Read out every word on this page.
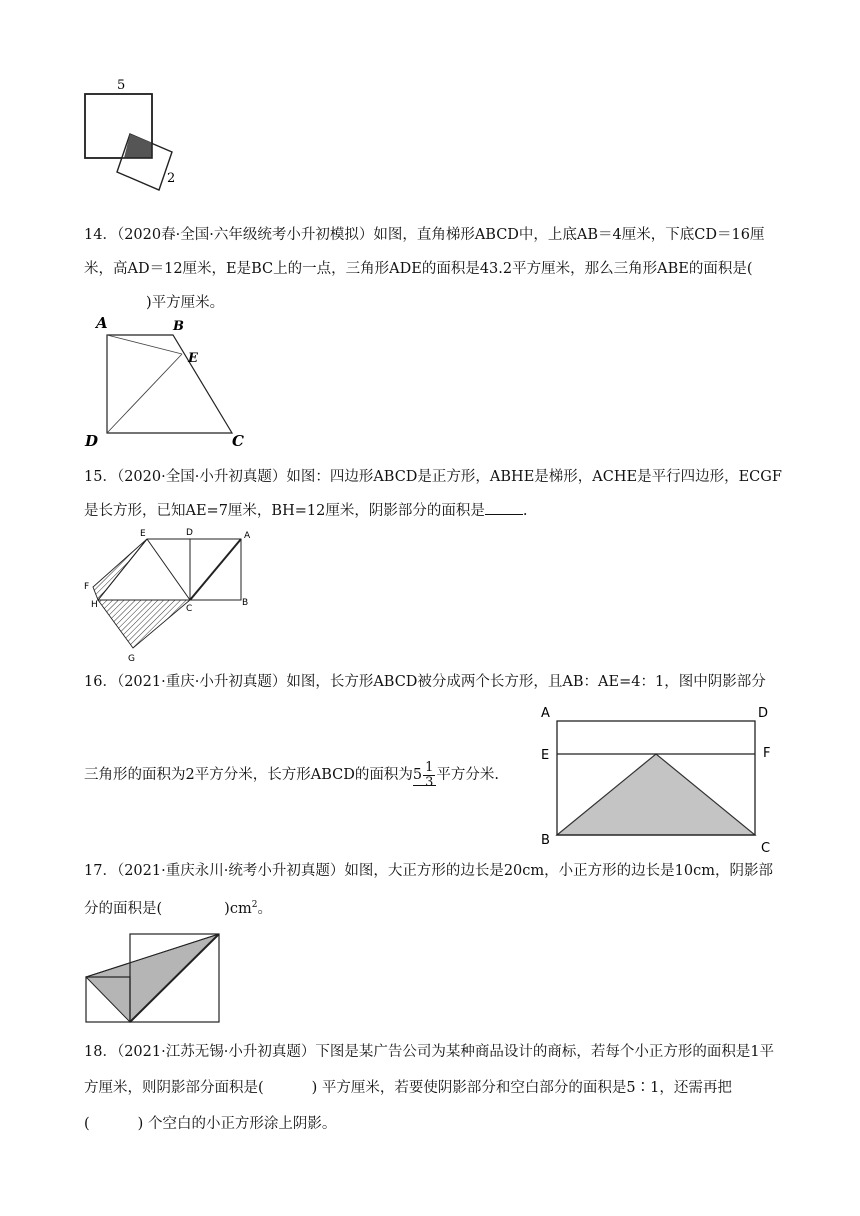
5
2
14．（2020春·全国·六年级统考小升初模拟）如图，直角梯形ABCD中，上底AB＝4厘米，下底CD＝16厘米，高AD＝12厘米，E是BC上的一点，三角形ADE的面积是43.2平方厘米，那么三角形ABE的面积是()平方厘米。
A	B
E
D	C
15．（2020·全国·小升初真题）如图：四边形ABCD是正方形，ABHE是梯形，ACHE是平行四边形，ECGF是长方形，已知AE=7厘米，BH=12厘米，阴影部分的面积是	.
E	D	A
F
H	C
B
G
16．（2021·重庆·小升初真题）如图，长方形ABCD被分成两个长方形，且AB：AE=4：1，图中阴影部分
三角形的面积为2平方分米，长方形ABCD的面积为$5 \frac{1}{3}$ 平方分米.
A	D
E	F
B
C
17．（2021·重庆永川·统考小升初真题）如图，大正方形的边长是20cm，小正方形的边长是10cm，阴影部分的面积是(	)$cm^2$。
18．（2021·江苏无锡·小升初真题）下图是某广告公司为某种商品设计的商标，若每个小正方形的面积是1平方厘米，则阴影部分面积是(	) 平方厘米，若要使阴影部分和空白部分的面积是5∶1，还需再把
(	) 个空白的小正方形涂上阴影。
